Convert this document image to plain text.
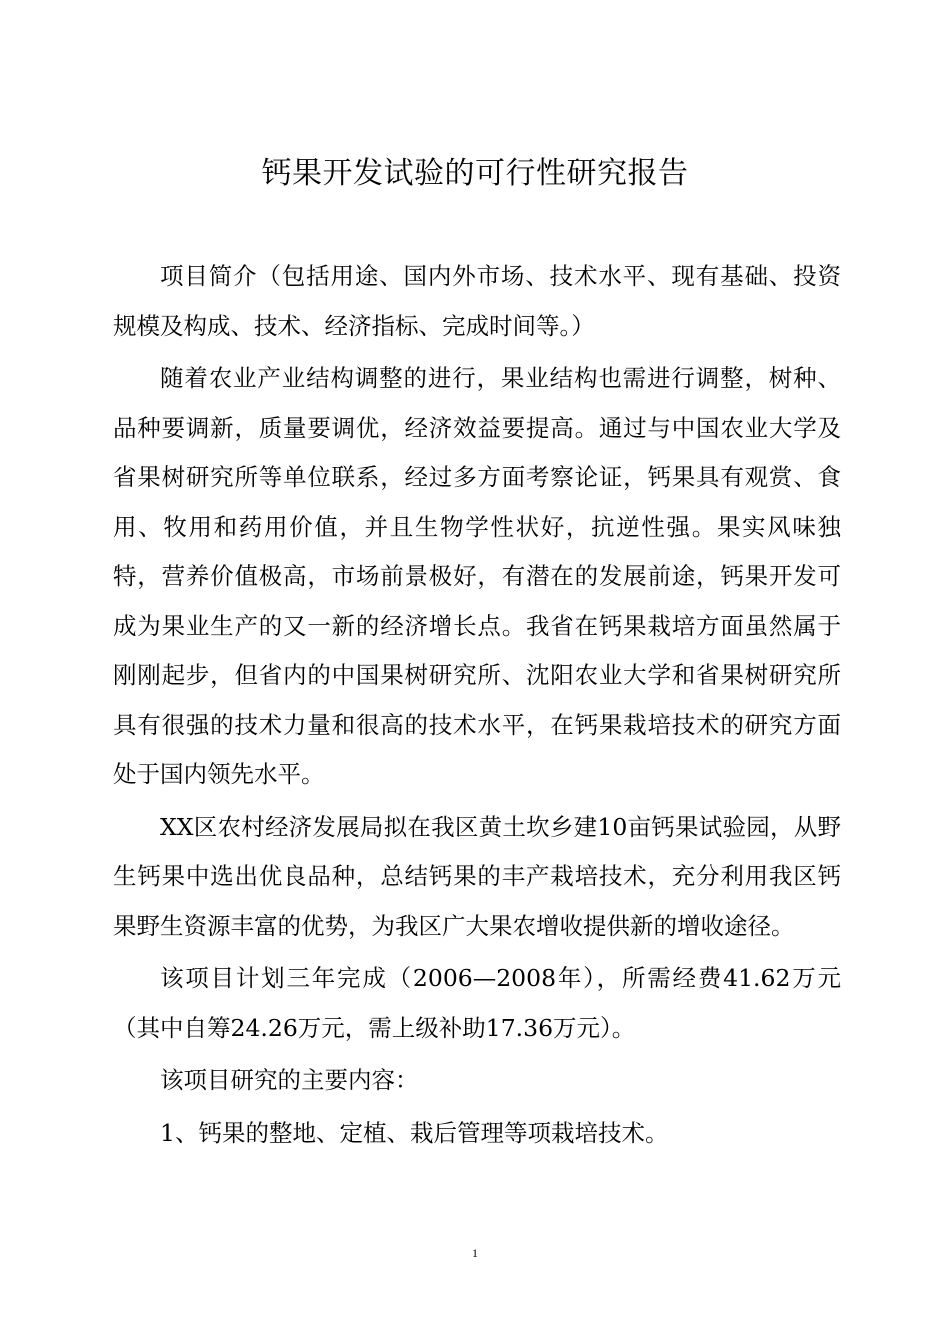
钙果开发试验的可行性研究报告

项目简介（包括用途、国内外市场、技术水平、现有基础、投资规模及构成、技术、经济指标、完成时间等。）

随着农业产业结构调整的进行，果业结构也需进行调整，树种、品种要调新，质量要调优，经济效益要提高。通过与中国农业大学及省果树研究所等单位联系，经过多方面考察论证，钙果具有观赏、食用、牧用和药用价值，并且生物学性状好，抗逆性强。果实风味独特，营养价值极高，市场前景极好，有潜在的发展前途，钙果开发可成为果业生产的又一新的经济增长点。我省在钙果栽培方面虽然属于刚刚起步，但省内的中国果树研究所、沈阳农业大学和省果树研究所具有很强的技术力量和很高的技术水平，在钙果栽培技术的研究方面处于国内领先水平。

XX区农村经济发展局拟在我区黄土坎乡建10亩钙果试验园，从野生钙果中选出优良品种，总结钙果的丰产栽培技术，充分利用我区钙果野生资源丰富的优势，为我区广大果农增收提供新的增收途径。

该项目计划三年完成（2006—2008年），所需经费41.62万元（其中自筹24.26万元，需上级补助17.36万元）。

该项目研究的主要内容：

1、钙果的整地、定植、栽后管理等项栽培技术。

1
